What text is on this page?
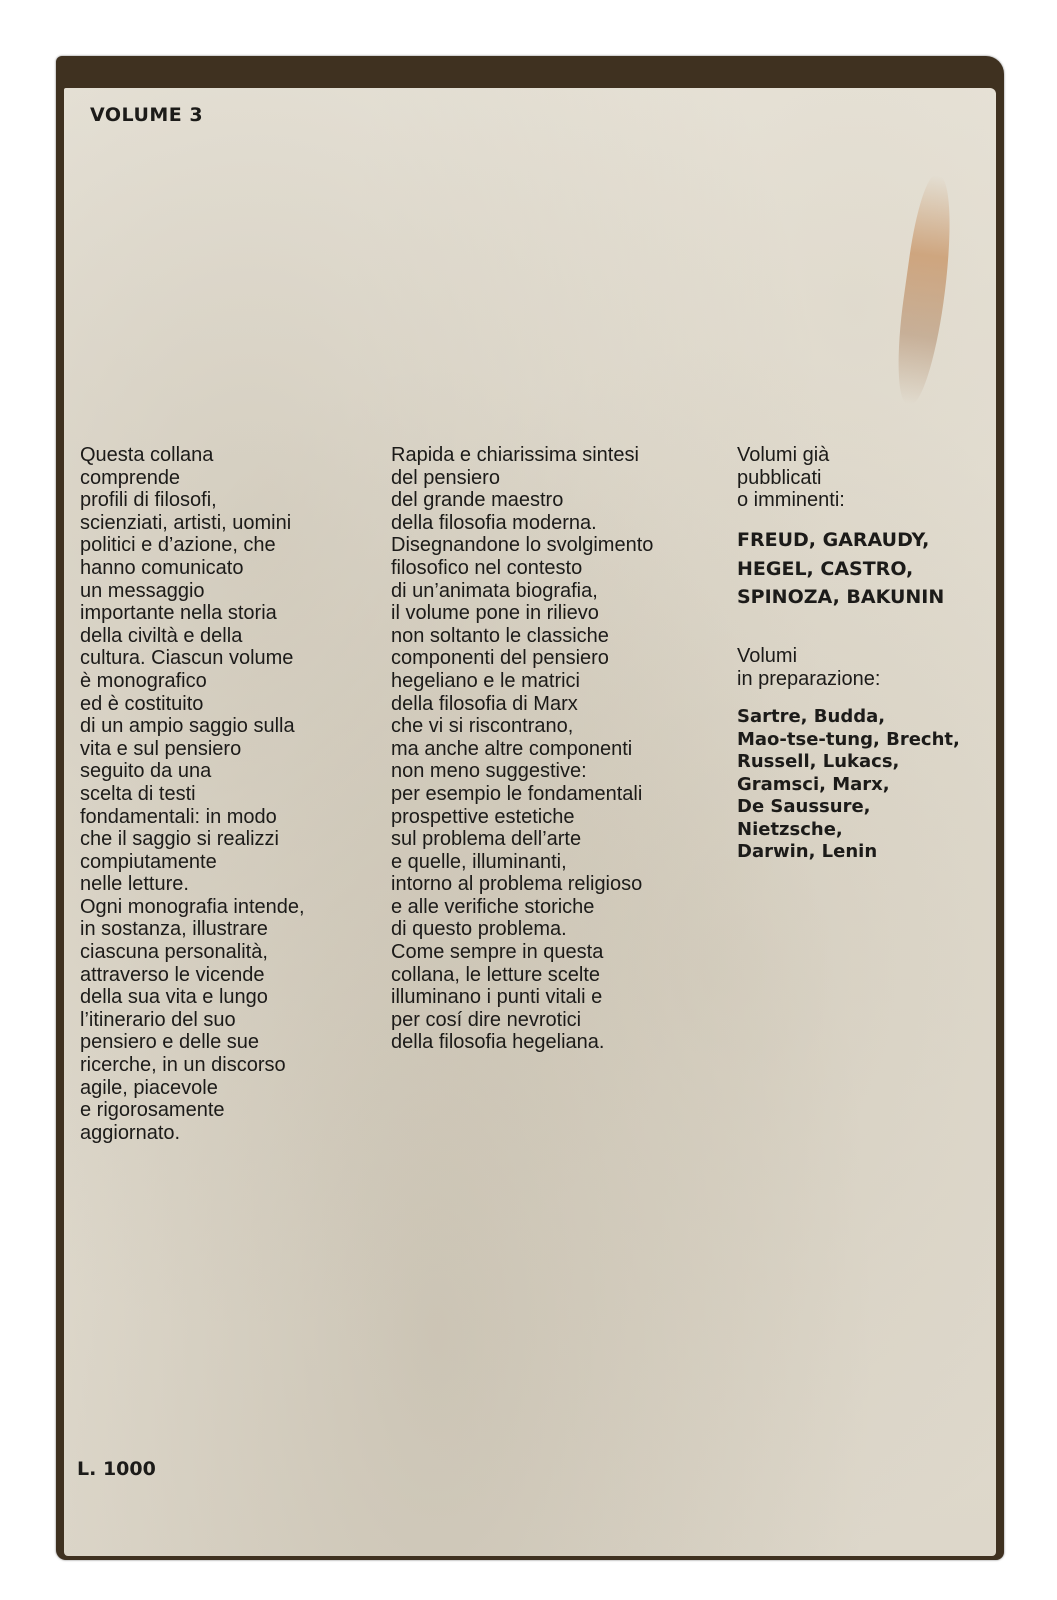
VOLUME 3

Questa collana
comprende
profili di filosofi,
scienziati, artisti, uomini
politici e d’azione, che
hanno comunicato
un messaggio
importante nella storia
della civiltà e della
cultura. Ciascun volume
è monografico
ed è costituito
di un ampio saggio sulla
vita e sul pensiero
seguito da una
scelta di testi
fondamentali: in modo
che il saggio si realizzi
compiutamente
nelle letture.
Ogni monografia intende,
in sostanza, illustrare
ciascuna personalità,
attraverso le vicende
della sua vita e lungo
l’itinerario del suo
pensiero e delle sue
ricerche, in un discorso
agile, piacevole
e rigorosamente
aggiornato.
Rapida e chiarissima sintesi
del pensiero
del grande maestro
della filosofia moderna.
Disegnandone lo svolgimento
filosofico nel contesto
di un’animata biografia,
il volume pone in rilievo
non soltanto le classiche
componenti del pensiero
hegeliano e le matrici
della filosofia di Marx
che vi si riscontrano,
ma anche altre componenti
non meno suggestive:
per esempio le fondamentali
prospettive estetiche
sul problema dell’arte
e quelle, illuminanti,
intorno al problema religioso
e alle verifiche storiche
di questo problema.
Come sempre in questa
collana, le letture scelte
illuminano i punti vitali e
per cosí dire nevrotici
della filosofia hegeliana.
Volumi già
pubblicati
o imminenti:
FREUD, GARAUDY,
HEGEL, CASTRO,
SPINOZA, BAKUNIN
Volumi
in preparazione:
Sartre, Budda,
Mao-tse-tung, Brecht,
Russell, Lukacs,
Gramsci, Marx,
De Saussure,
Nietzsche,
Darwin, Lenin

L. 1000
